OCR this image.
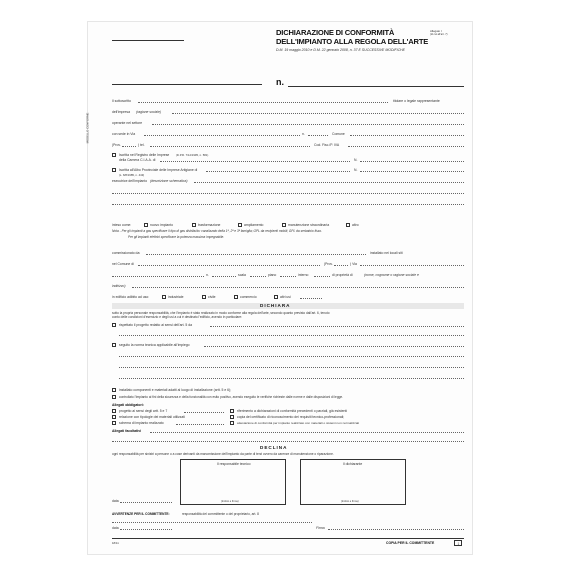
DICHIARAZIONE DI CONFORMITÀ
DELL'IMPIANTO ALLA REGOLA DELL'ARTE
D.M. 19 maggio 2010 e D.M. 22 gennaio 2008, n. 37 E SUCCESSIVE MODIFICHE
Allegato I
(di cui all'art. 7)
n.
MODELLO CONFORME
Il sottoscritto	titolare o legale rappresentante
dell'impresa (ragione sociale)
operante nel settore
con sede in Via	n.	Comune
(Prov.	) tel.	Cod. Fisc./P. IVA
Iscritta nel Registro delle Imprese (D.P.R. 7/12/1995, n. 581)
della Camera C.I.A.A. di	N.
Iscritta all'Albo Provinciale delle Imprese Artigiane di	N.
(L. 8/8/1985, n. 443)
esecutrice dell'impianto (descrizione schematica)
inteso come:	nuovo impianto	trasformazione	ampliamento	manutenzione straordinaria	altro
Nota - Per gli impianti a gas specificare il tipo di gas distribuito: canalizzato della 1ª, 2ª e 3ª famiglia; GPL da recipienti mobili; GPL da serbatoio fisso.
Per gli impianti elettrici specificare la potenza massima impegnabile.
commissionato da:	installato nei locali siti
nel Comune di	(Prov.	) Via
n.	scala	piano	interno	di proprietà di	(nome, cognome o ragione sociale e
indirizzo)
in edificio adibito ad uso:	industriale	civile	commercio	altri usi
DICHIARA
sotto la propria personale responsabilità, che l'impianto è stato realizzato in modo conforme alla regola dell'arte, secondo quanto previsto dall'art. 6, tenuto
conto delle condizioni d'esercizio e degli usi a cui è destinato l'edificio, avendo in particolare:
rispettato il progetto redatto ai sensi dell'art. 5 da
seguito la norma tecnica applicabile all'impiego
installato componenti e materiali adatti al luogo di installazione (artt. 5 e 6);
controllato l'impianto ai fini della sicurezza e della funzionalità con esito positivo, avendo eseguito le verifiche richieste dalle norme e dalle disposizioni di legge.
Allegati obbligatori:
progetto ai sensi degli artt. 5 e 7
relazione con tipologie dei materiali utilizzati
schema di impianto realizzato
riferimento a dichiarazioni di conformità precedenti o parziali, già esistenti
copia del certificato di riconoscimento dei requisiti tecnico-professionali;
attestazione di conformità per impianto realizzato con materiali o sistemi non normalizzati
Allegati facoltativi
DECLINA
ogni responsabilità per sinistri a persone o a cose derivanti da manomissione dell'impianto da parte di terzi ovvero da carenze di manutenzione o riparazione.
Il responsabile tecnico
(timbro e firma)
Il dichiarante
(timbro e firma)
data
AVVERTENZE PER IL COMMITTENTE:	responsabilità del committente o del proprietario, art. 8
data	Firma
18/11	COPIA PER IL COMMITTENTE	1
